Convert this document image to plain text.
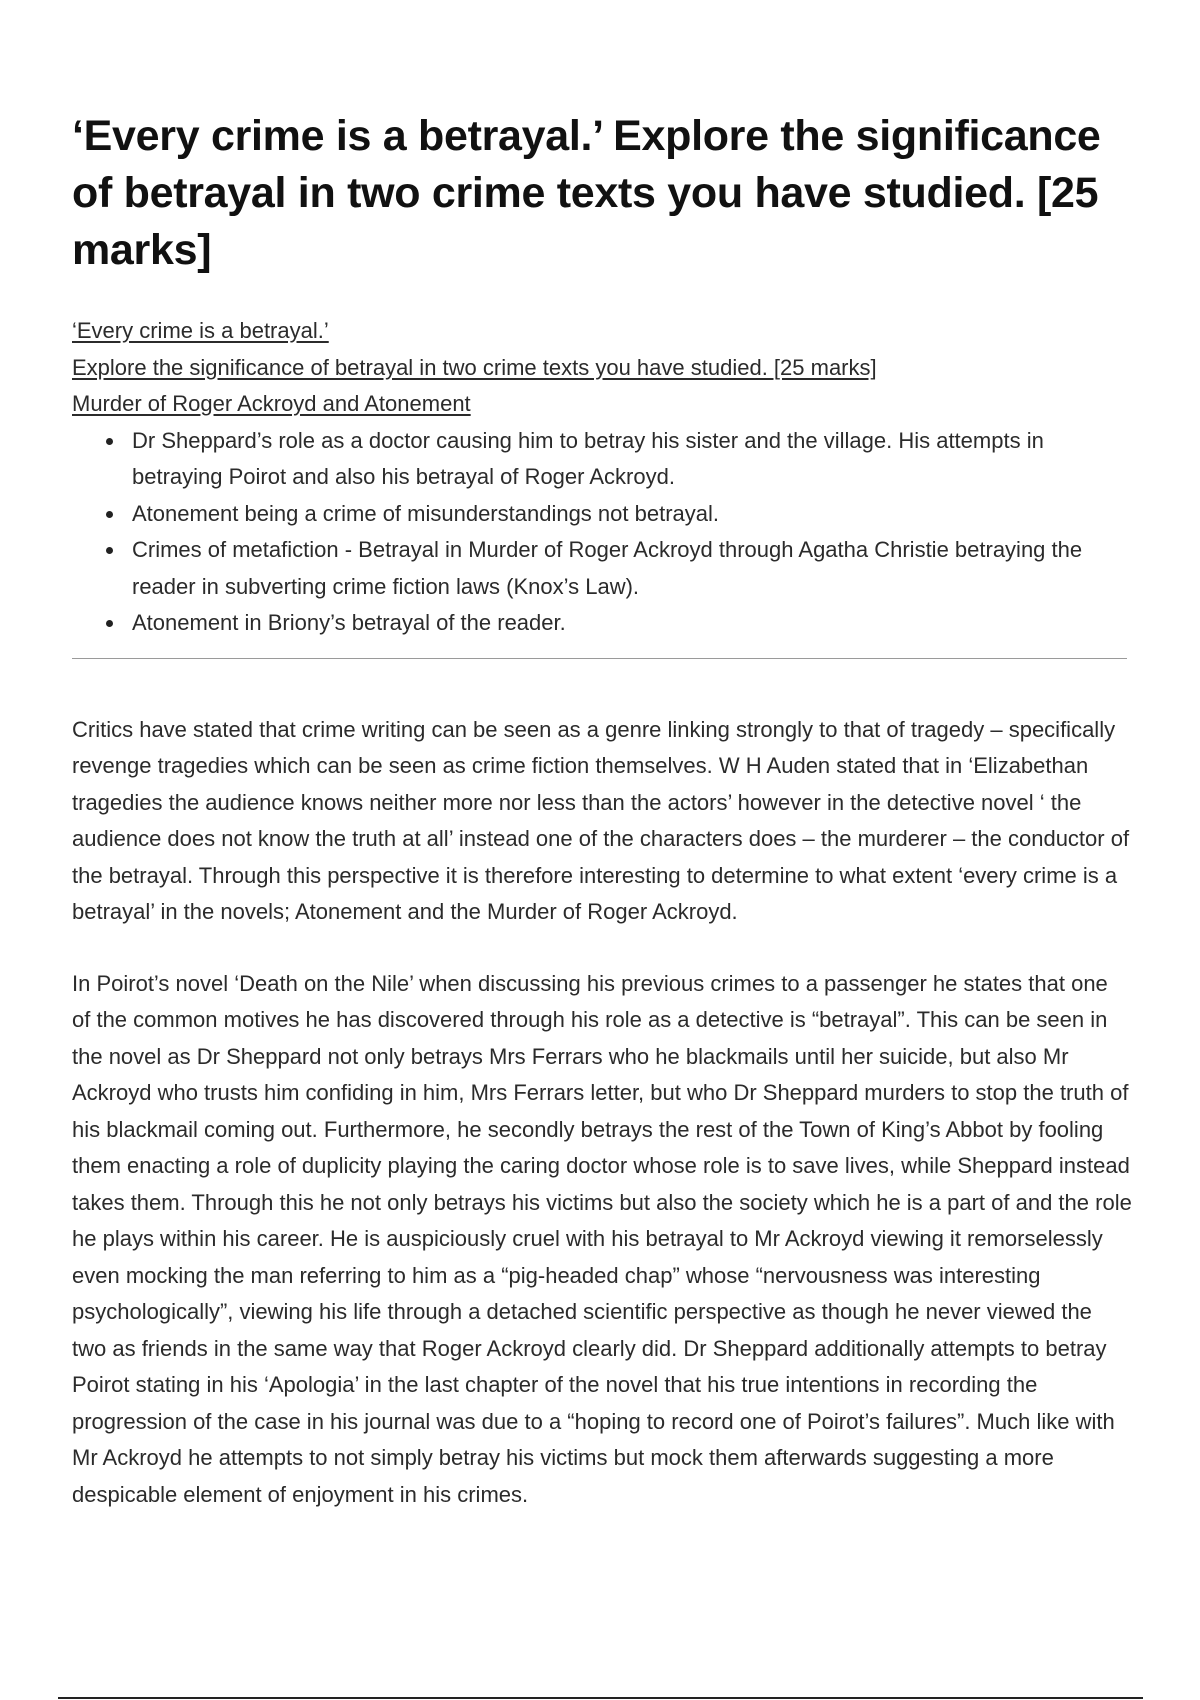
‘Every crime is a betrayal.’ Explore the significance of betrayal in two crime texts you have studied. [25 marks]
‘Every crime is a betrayal.’
Explore the significance of betrayal in two crime texts you have studied. [25 marks]
Murder of Roger Ackroyd and Atonement
Dr Sheppard’s role as a doctor causing him to betray his sister and the village. His attempts in betraying Poirot and also his betrayal of Roger Ackroyd.
Atonement being a crime of misunderstandings not betrayal.
Crimes of metafiction - Betrayal in Murder of Roger Ackroyd through Agatha Christie betraying the reader in subverting crime fiction laws (Knox’s Law).
Atonement in Briony’s betrayal of the reader.

Critics have stated that crime writing can be seen as a genre linking strongly to that of tragedy – specifically revenge tragedies which can be seen as crime fiction themselves. W H Auden stated that in ‘Elizabethan tragedies the audience knows neither more nor less than the actors’ however in the detective novel ‘ the audience does not know the truth at all’ instead one of the characters does – the murderer – the conductor of the betrayal. Through this perspective it is therefore interesting to determine to what extent ‘every crime is a betrayal’ in the novels; Atonement and the Murder of Roger Ackroyd.

In Poirot’s novel ‘Death on the Nile’ when discussing his previous crimes to a passenger he states that one of the common motives he has discovered through his role as a detective is “betrayal”. This can be seen in the novel as Dr Sheppard not only betrays Mrs Ferrars who he blackmails until her suicide, but also Mr Ackroyd who trusts him confiding in him, Mrs Ferrars letter, but who Dr Sheppard murders to stop the truth of his blackmail coming out. Furthermore, he secondly betrays the rest of the Town of King’s Abbot by fooling them enacting a role of duplicity playing the caring doctor whose role is to save lives, while Sheppard instead takes them. Through this he not only betrays his victims but also the society which he is a part of and the role he plays within his career. He is auspiciously cruel with his betrayal to Mr Ackroyd viewing it remorselessly even mocking the man referring to him as a “pig-headed chap” whose “nervousness was interesting psychologically”, viewing his life through a detached scientific perspective as though he never viewed the two as friends in the same way that Roger Ackroyd clearly did. Dr Sheppard additionally attempts to betray Poirot stating in his ‘Apologia’ in the last chapter of the novel that his true intentions in recording the progression of the case in his journal was due to a “hoping to record one of Poirot’s failures”. Much like with Mr Ackroyd he attempts to not simply betray his victims but mock them afterwards suggesting a more despicable element of enjoyment in his crimes.
